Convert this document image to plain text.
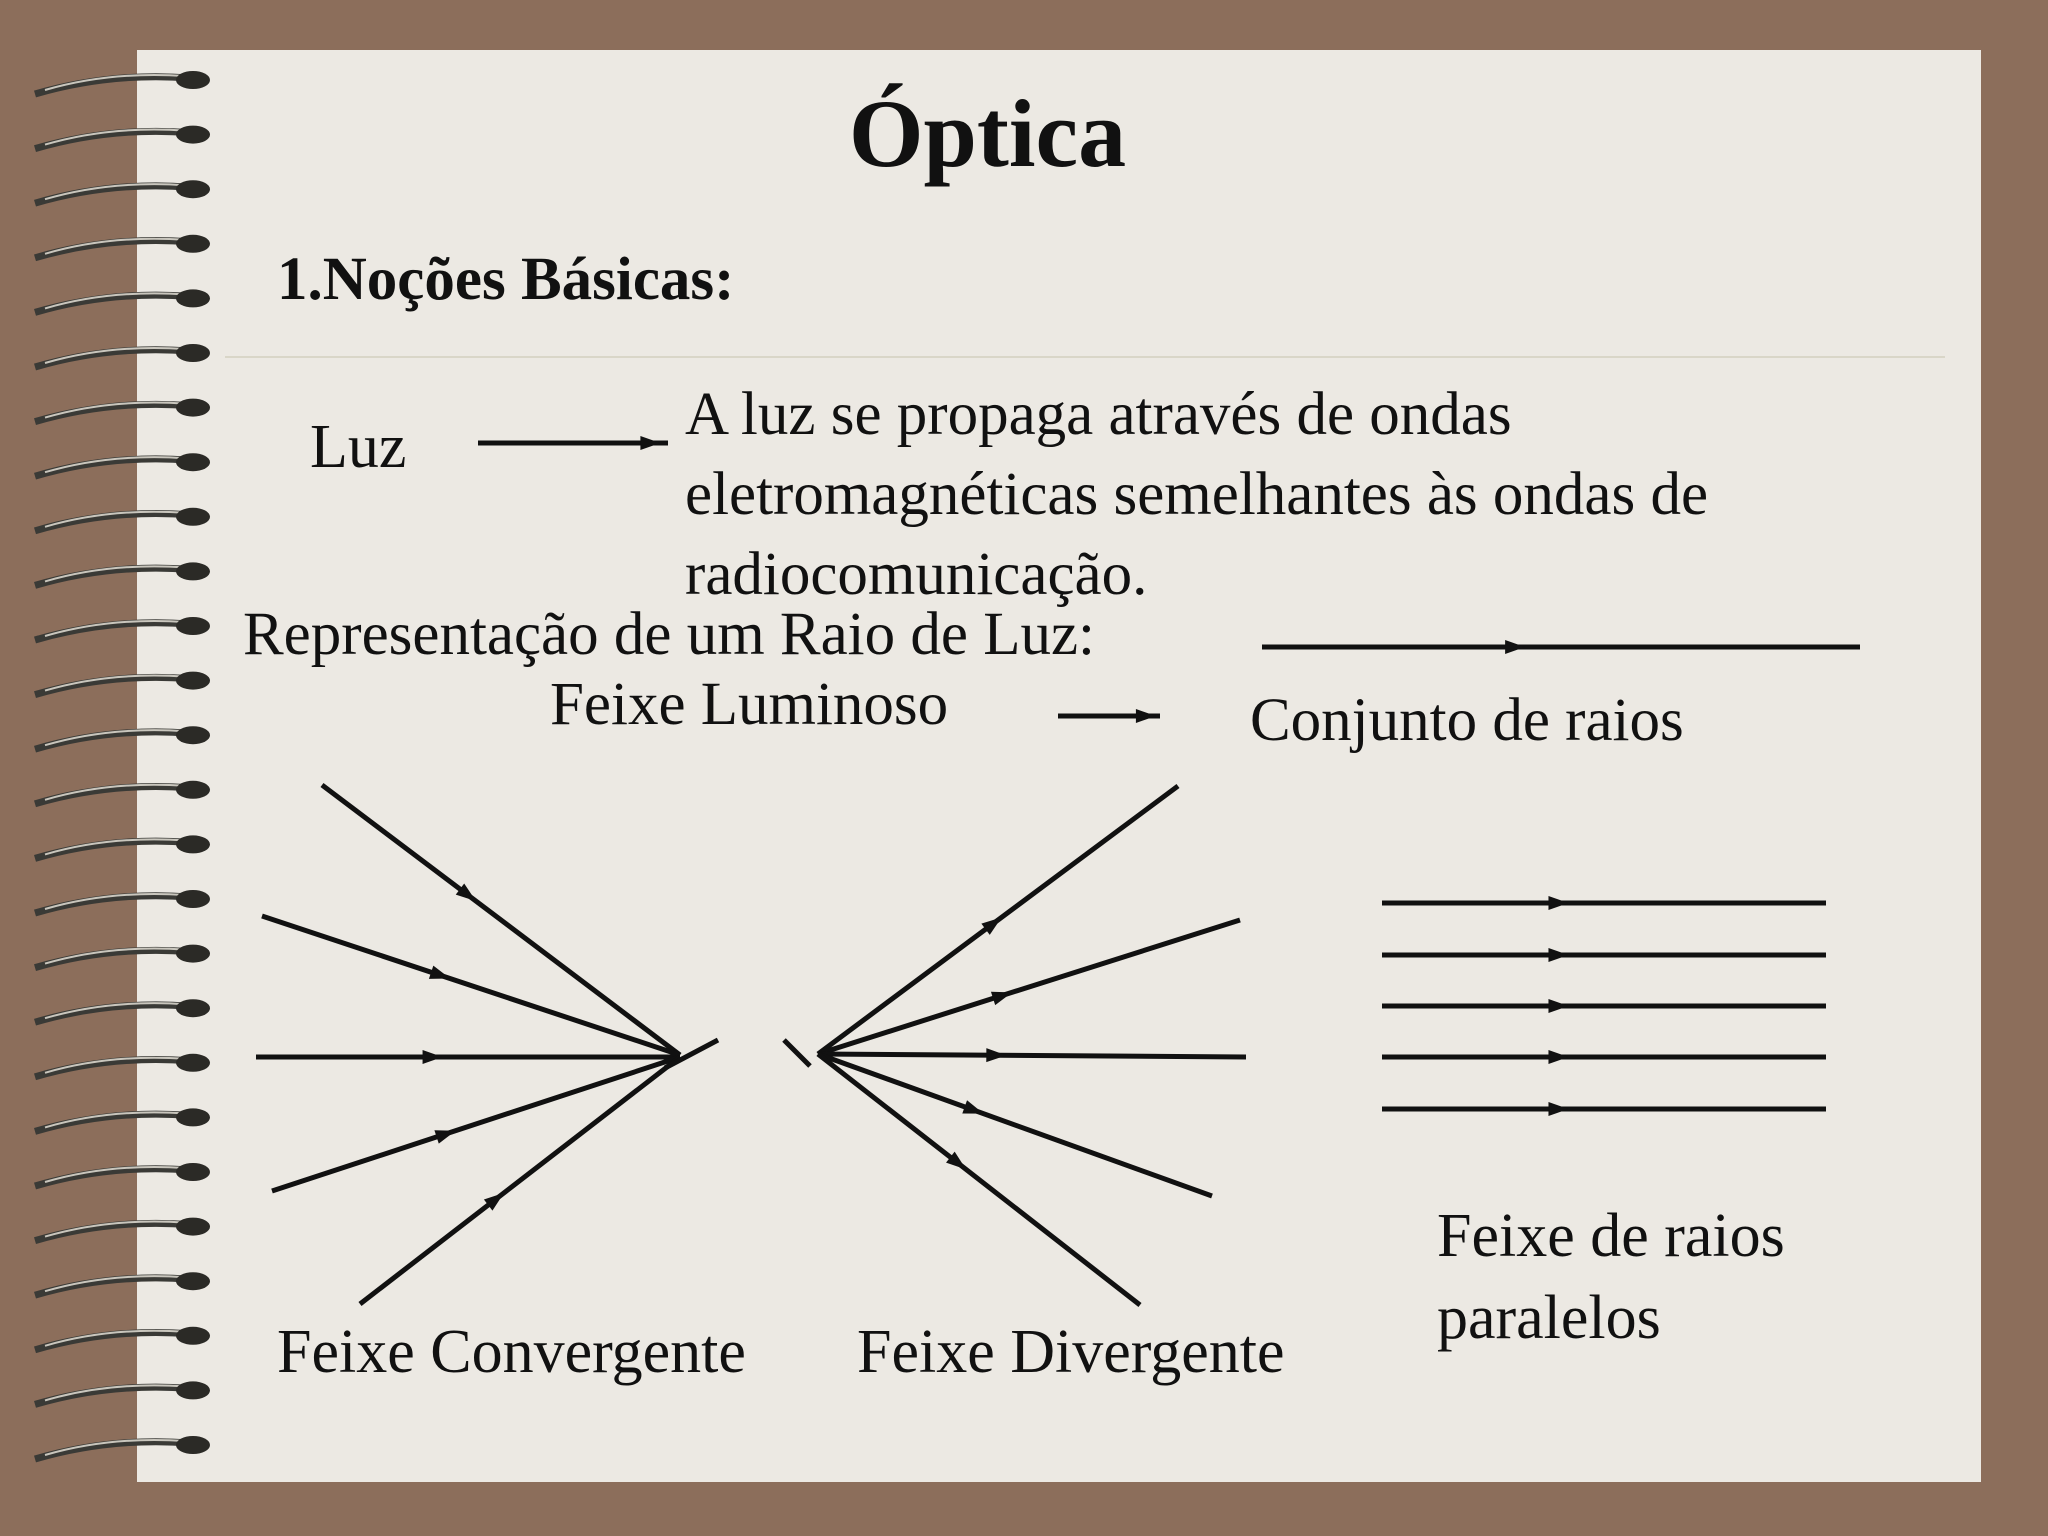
Óptica
1.Noções Básicas:
Luz	A luz se propaga através de ondas
eletromagnéticas semelhantes às ondas de
radiocomunicação.
Representação de um Raio de Luz:
Feixe Luminoso	Conjunto de raios
Feixe Convergente Feixe Divergente
Feixe de raios
paralelos
